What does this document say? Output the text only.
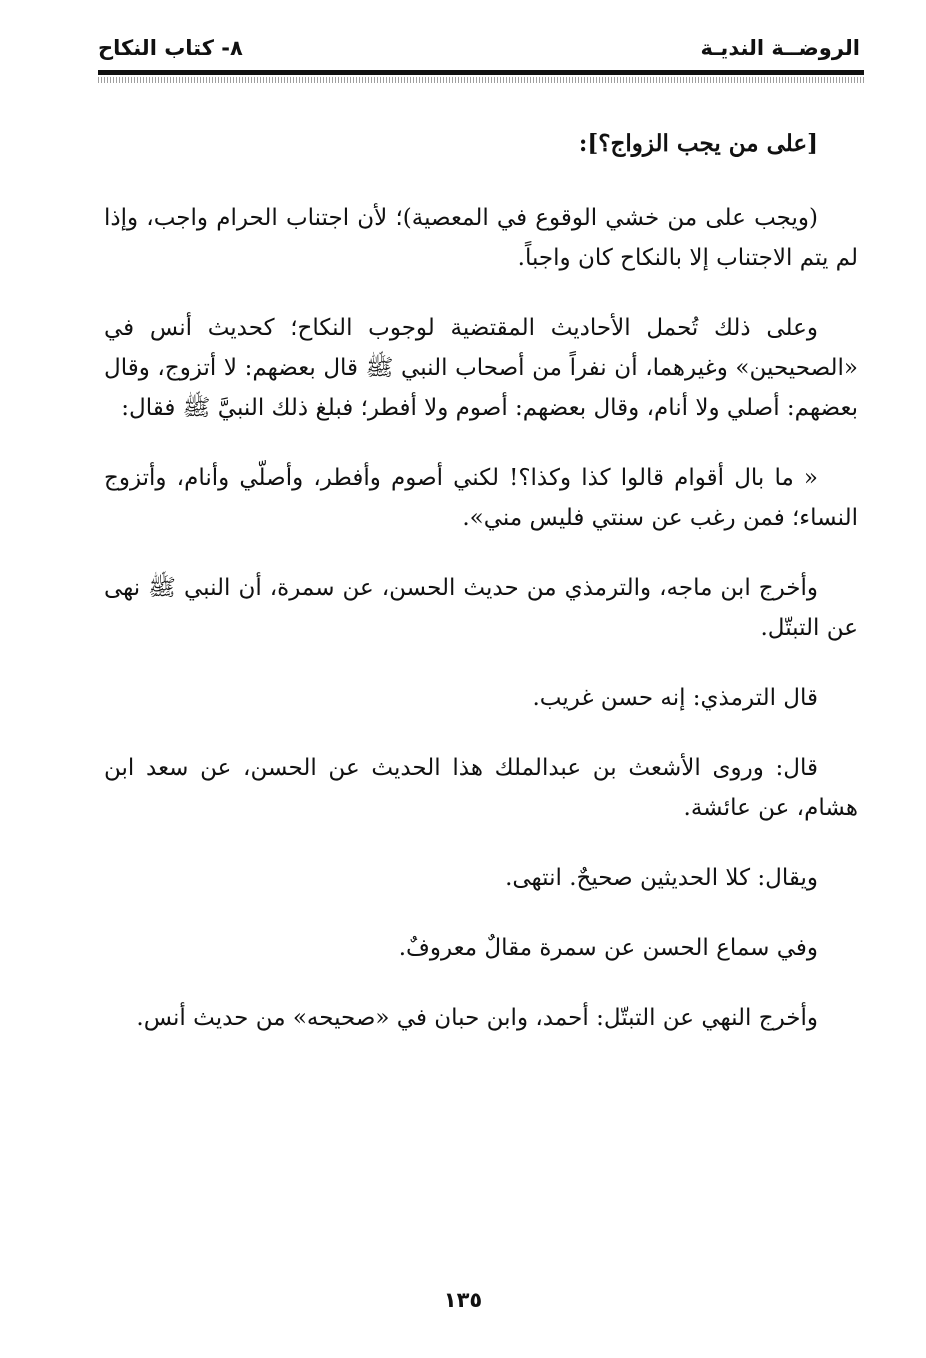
الروضــة النديـة
٨- كتاب النكاح

[على من يجب الزواج؟]:

(ويجب على من خشي الوقوع في المعصية)؛ لأن اجتناب الحرام واجب، وإذا لم يتم الاجتناب إلا بالنكاح كان واجباً.

وعلى ذلك تُحمل الأحاديث المقتضية لوجوب النكاح؛ كحديث أنس في «الصحيحين» وغيرهما، أن نفراً من أصحاب النبي ﷺ قال بعضهم: لا أتزوج، وقال بعضهم: أصلي ولا أنام، وقال بعضهم: أصوم ولا أفطر؛ فبلغ ذلك النبيَّ ﷺ فقال:

« ما بال أقوام قالوا كذا وكذا؟! لكني أصوم وأفطر، وأصلّي وأنام، وأتزوج النساء؛ فمن رغب عن سنتي فليس مني».

وأخرج ابن ماجه، والترمذي من حديث الحسن، عن سمرة، أن النبي ﷺ نهى عن التبتّل.

قال الترمذي: إنه حسن غريب.

قال: وروى الأشعث بن عبدالملك هذا الحديث عن الحسن، عن سعد ابن هشام، عن عائشة.

ويقال: كلا الحديثين صحيحٌ. انتهى.

وفي سماع الحسن عن سمرة مقالٌ معروفٌ.

وأخرج النهي عن التبتّل: أحمد، وابن حبان في «صحيحه» من حديث أنس.

١٣٥
